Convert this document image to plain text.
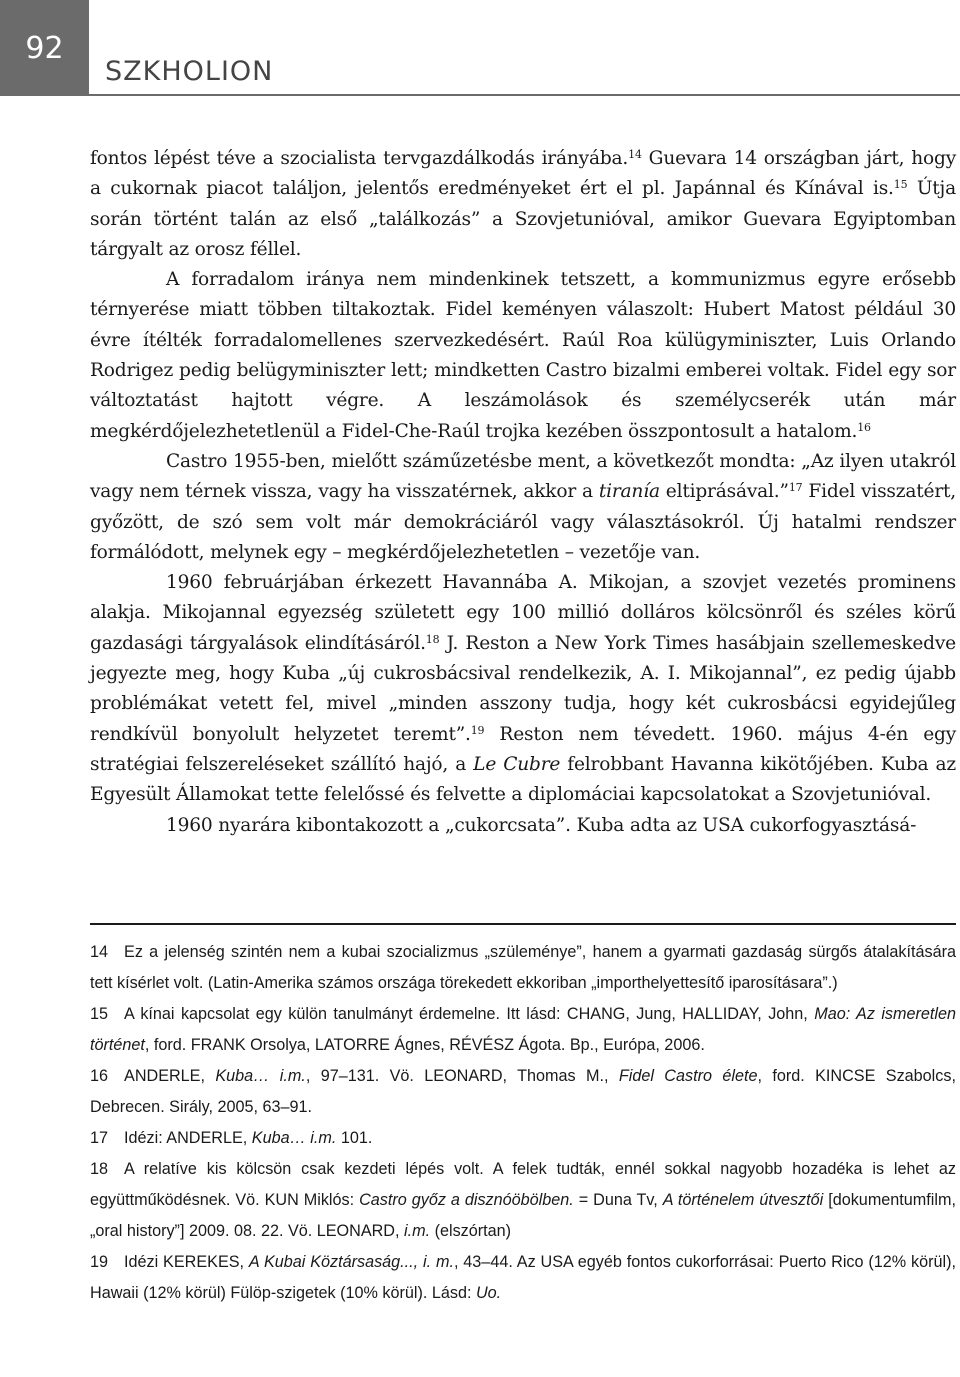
92
SZKHOLION

fontos lépést téve a szocialista tervgazdálkodás irányába.$^{14}$ Guevara 14 országban járt, hogy a cukornak piacot találjon, jelentős eredményeket ért el pl. Japánnal és Kínával is.$^{15}$ Útja során történt talán az első „találkozás” a Szovjetunióval, amikor Guevara Egyiptomban tárgyalt az orosz féllel.

A forradalom iránya nem mindenkinek tetszett, a kommunizmus egyre erősebb térnyerése miatt többen tiltakoztak. Fidel keményen válaszolt: Hubert Matost például 30 évre ítélték forradalomellenes szervezkedésért. Raúl Roa külügyminiszter, Luis Orlando Rodrigez pedig belügyminiszter lett; mindketten Castro bizalmi emberei voltak. Fidel egy sor változtatást hajtott végre. A leszámolások és személycserék után már megkérdőjelezhetetlenül a Fidel-Che-Raúl trojka kezében összpontosult a hatalom.$^{16}$

Castro 1955-ben, mielőtt száműzetésbe ment, a következőt mondta: „Az ilyen utakról vagy nem térnek vissza, vagy ha visszatérnek, akkor a tiranía eltiprásával.”$^{17}$ Fidel visszatért, győzött, de szó sem volt már demokráciáról vagy választásokról. Új hatalmi rendszer formálódott, melynek egy – megkérdőjelezhetetlen – vezetője van.

1960 februárjában érkezett Havannába A. Mikojan, a szovjet vezetés prominens alakja. Mikojannal egyezség született egy 100 millió dolláros kölcsönről és széles körű gazdasági tárgyalások elindításáról.$^{18}$ J. Reston a New York Times hasábjain szellemeskedve jegyezte meg, hogy Kuba „új cukrosbácsival rendelkezik, A. I. Mikojannal”, ez pedig újabb problémákat vetett fel, mivel „minden asszony tudja, hogy két cukrosbácsi egyidejűleg rendkívül bonyolult helyzetet teremt”.$^{19}$ Reston nem tévedett. 1960. május 4-én egy stratégiai felszereléseket szállító hajó, a Le Cubre felrobbant Havanna kikötőjében. Kuba az Egyesült Államokat tette felelőssé és felvette a diplomáciai kapcsolatokat a Szovjetunióval.

1960 nyarára kibontakozott a „cukorcsata”. Kuba adta az USA cukorfogyasztásá-

14 Ez a jelenség szintén nem a kubai szocializmus „szüleménye”, hanem a gyarmati gazdaság sürgős átalakítására tett kísérlet volt. (Latin-Amerika számos országa törekedett ekkoriban „importhelyettesítő iparosításara”.)

15 A kínai kapcsolat egy külön tanulmányt érdemelne. Itt lásd: CHANG, Jung, HALLIDAY, John, Mao: Az ismeretlen történet, ford. FRANK Orsolya, LATORRE Ágnes, RÉVÉSZ Ágota. Bp., Európa, 2006.

16 ANDERLE, Kuba… i.m., 97–131. Vö. LEONARD, Thomas M., Fidel Castro élete, ford. KINCSE Szabolcs, Debrecen. Sirály, 2005, 63–91.

17 Idézi: ANDERLE, Kuba… i.m. 101.

18 A relatíve kis kölcsön csak kezdeti lépés volt. A felek tudták, ennél sokkal nagyobb hozadéka is lehet az együttműködésnek. Vö. KUN Miklós: Castro győz a disznóöbölben. = Duna Tv, A történelem útvesztői [dokumentumfilm, „oral history”] 2009. 08. 22. Vö. LEONARD, i.m. (elszórtan)

19 Idézi KEREKES, A Kubai Köztársaság..., i. m., 43–44. Az USA egyéb fontos cukorforrásai: Puerto Rico (12% körül), Hawaii (12% körül) Fülöp-szigetek (10% körül). Lásd: Uo.
